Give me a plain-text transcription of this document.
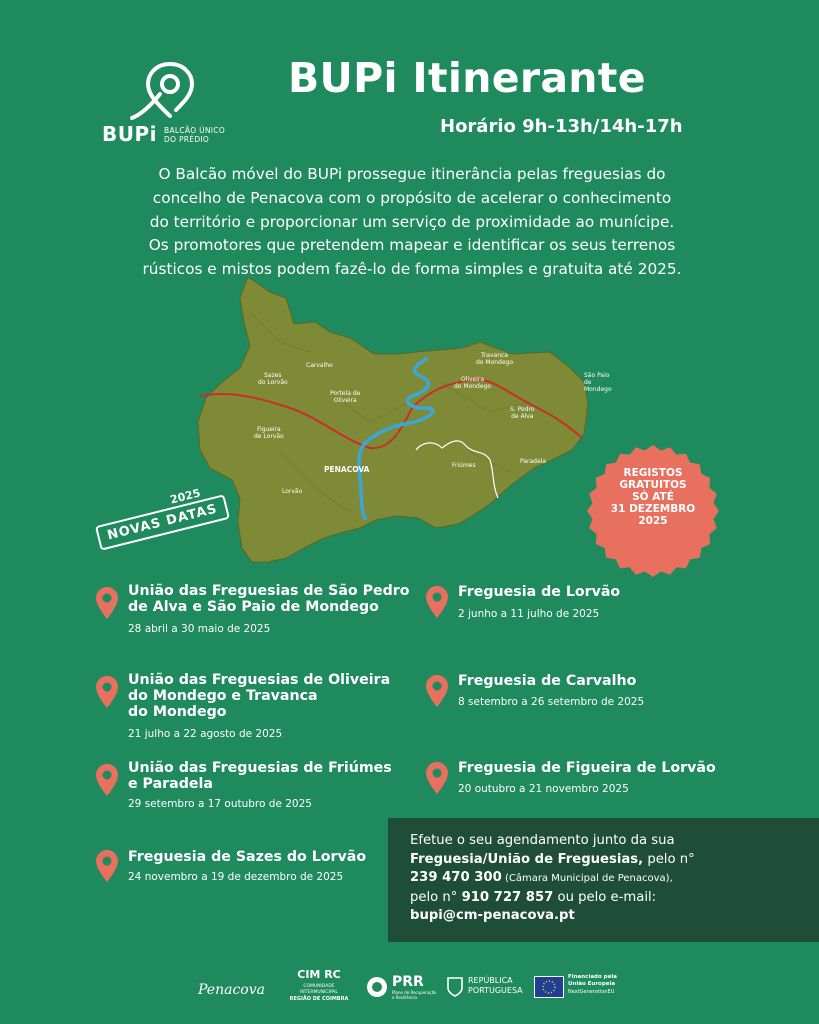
BUPi BALCÃO ÚNICO
DO PRÉDIO
BUPi Itinerante
Horário 9h-13h/14h-17h
O Balcão móvel do BUPi prossegue itinerância pelas freguesias do
concelho de Penacova com o propósito de acelerar o conhecimento
do território e proporcionar um serviço de proximidade ao munícipe.
Os promotores que pretendem mapear e identificar os seus terrenos
rústicos e mistos podem fazê-lo de forma simples e gratuita até 2025.
Carvalho
Sazes
do Lorvão
Portela de
Oliveira
Figueira
de Lorvão
Lorvão
PENACOVA
Oliveira
do Mondego
Travanca
do Mondego
São Paio
de
Mondego
S. Pedro
de Alva
Paradela
Friúmes
2025
NOVAS DATAS
REGISTOS
GRATUITOS
SÓ ATÉ
31 DEZEMBRO
2025
União das Freguesias de São Pedro
de Alva e São Paio de Mondego
28 abril a 30 maio de 2025
União das Freguesias de Oliveira
do Mondego e Travanca
do Mondego
21 julho a 22 agosto de 2025
União das Freguesias de Friúmes
e Paradela
29 setembro a 17 outubro de 2025
Freguesia de Sazes do Lorvão
24 novembro a 19 de dezembro de 2025
Freguesia de Lorvão
2 junho a 11 julho de 2025
Freguesia de Carvalho
8 setembro a 26 setembro de 2025
Freguesia de Figueira de Lorvão
20 outubro a 21 novembro 2025
Efetue o seu agendamento junto da sua
Freguesia/União de Freguesias, pelo n°
239 470 300 (Câmara Municipal de Penacova),
pelo n° 910 727 857 ou pelo e-mail:
bupi@cm-penacova.pt
Penacova
CIM RC
COMUNIDADE INTERMUNICIPAL
REGIÃO DE COIMBRA
PRR
Plano de Recuperação
e Resiliência
REPÚBLICA
PORTUGUESA
Financiado pela
União Europeia
NextGenerationEU
